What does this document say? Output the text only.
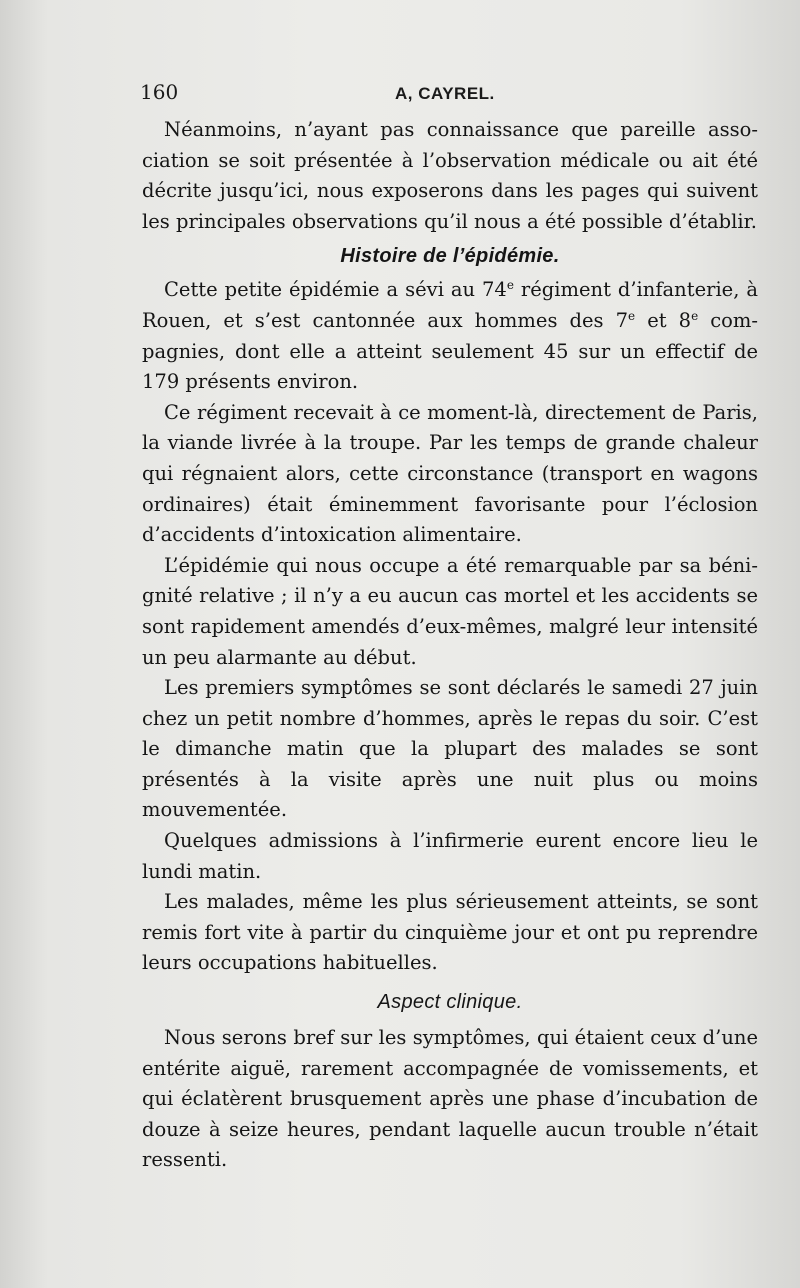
160	A, CAYREL.

Néanmoins, n’ayant pas connaissance que pareille association se soit présentée à l’observation médicale ou ait été décrite jusqu’ici, nous exposerons dans les pages qui suivent les principales observations qu’il nous a été possible d’établir.

Histoire de l’épidémie.

Cette petite épidémie a sévi au 74e régiment d’infanterie, à Rouen, et s’est cantonnée aux hommes des 7e et 8e compagnies, dont elle a atteint seulement 45 sur un effectif de 179 présents environ.

Ce régiment recevait à ce moment-là, directement de Paris, la viande livrée à la troupe. Par les temps de grande chaleur qui régnaient alors, cette circonstance (transport en wagons ordinaires) était éminemment favorisante pour l’éclosion d’accidents d’intoxication alimentaire.

L’épidémie qui nous occupe a été remarquable par sa bénignité relative ; il n’y a eu aucun cas mortel et les accidents se sont rapidement amendés d’eux-mêmes, malgré leur intensité un peu alarmante au début.

Les premiers symptômes se sont déclarés le samedi 27 juin chez un petit nombre d’hommes, après le repas du soir. C’est le dimanche matin que la plupart des malades se sont présentés à la visite après une nuit plus ou moins mouvementée.

Quelques admissions à l’infirmerie eurent encore lieu le lundi matin.

Les malades, même les plus sérieusement atteints, se sont remis fort vite à partir du cinquième jour et ont pu reprendre leurs occupations habituelles.

Aspect clinique.

Nous serons bref sur les symptômes, qui étaient ceux d’une entérite aiguë, rarement accompagnée de vomissements, et qui éclatèrent brusquement après une phase d’incubation de douze à seize heures, pendant laquelle aucun trouble n’était ressenti.
